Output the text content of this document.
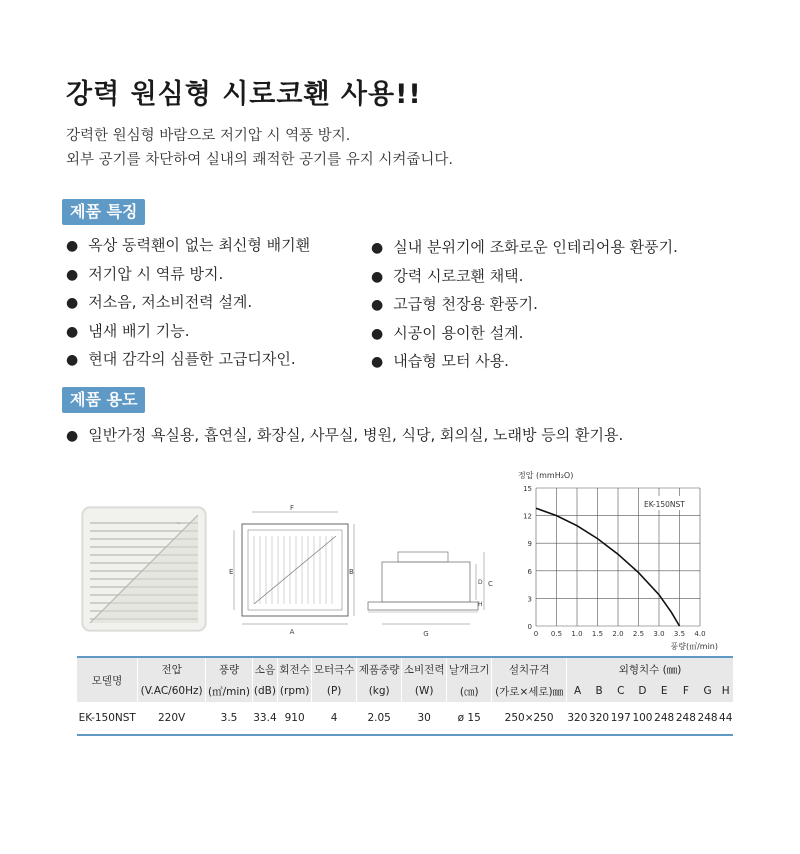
강력 원심형 시로코홴 사용!!
강력한 원심형 바람으로 저기압 시 역풍 방지.
외부 공기를 차단하여 실내의 쾌적한 공기를 유지 시켜줍니다.
제품 특징
● 옥상 동력홴이 없는 최신형 배기홴
● 저기압 시 역류 방지.
● 저소음, 저소비전력 설계.
● 냄새 배기 기능.
● 현대 감각의 심플한 고급디자인.
● 실내 분위기에 조화로운 인테리어용 환풍기.
● 강력 시로코홴 채택.
● 고급형 천장용 환풍기.
● 시공이 용이한 설계.
● 내습형 모터 사용.
제품 용도
● 일반가정 욕실용, 흡연실, 화장실, 사무실, 병원, 식당, 회의실, 노래방 등의 환기용.
∼
F
E	B
A	G
C
D
H
정압 (mmH₂O)
0
3
6
9
12
15
0 0.5 1.0 1.5 2.0 2.5 3.0 3.5 4.0
EK-150NST
풍량(㎥/min)
모델명	전압	풍량	소음	회전수	모터극수	제품중량	소비전력	날개크기	설치규격	외형치수 (㎜)							
	(V.AC/60Hz)	(㎥/min)	(dB)	(rpm)	(P)	(kg)	(W)	(㎝)	(가로×세로)㎜	A	B	C	D	E	F	G	H
EK-150NST	220V	3.5	33.4	910	4	2.05	30	ø 15	250×250	320	320	197	100	248	248	248	44
